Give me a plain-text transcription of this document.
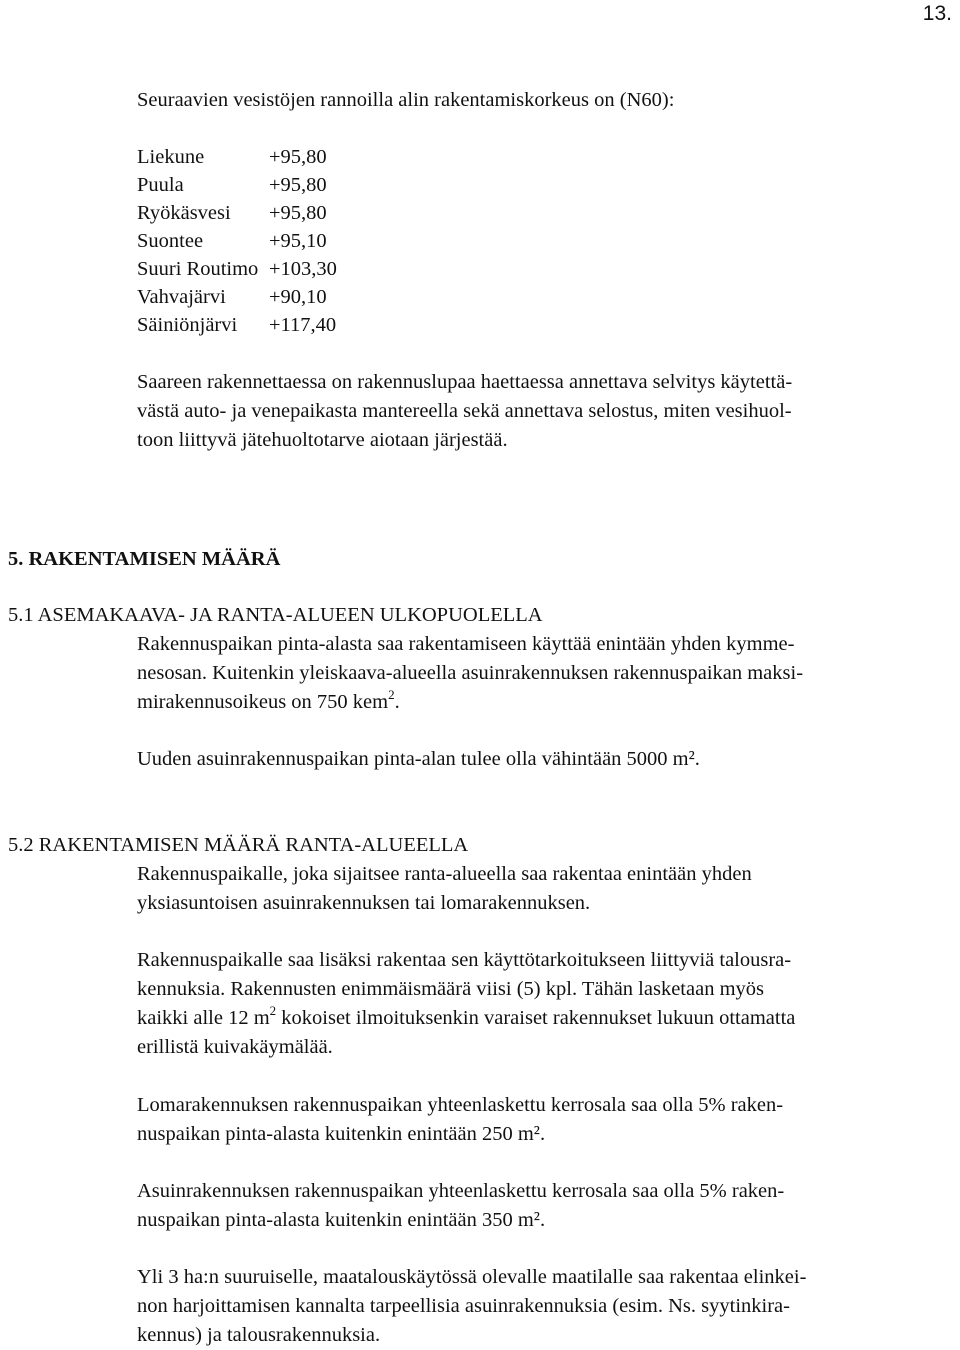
13.
Seuraavien vesistöjen rannoilla alin rakentamiskorkeus on (N60):
Liekune	+95,80
Puula	+95,80
Ryökäsvesi +95,80
Suontee	+95,10
Suuri Routimo +103,30
Vahvajärvi +90,10
Säiniönjärvi +117,40
Saareen rakennettaessa on rakennuslupaa haettaessa annettava selvitys käytettä-
västä auto- ja venepaikasta mantereella sekä annettava selostus, miten vesihuol-
toon liittyvä jätehuoltotarve aiotaan järjestää.
5. RAKENTAMISEN MÄÄRÄ
5.1 ASEMAKAAVA- JA RANTA-ALUEEN ULKOPUOLELLA
Rakennuspaikan pinta-alasta saa rakentamiseen käyttää enintään yhden kymme-
nesosan. Kuitenkin yleiskaava-alueella asuinrakennuksen rakennuspaikan maksi-
mirakennusoikeus on 750 kem$^2$.
Uuden asuinrakennuspaikan pinta-alan tulee olla vähintään 5000 m².
5.2 RAKENTAMISEN MÄÄRÄ RANTA-ALUEELLA
Rakennuspaikalle, joka sijaitsee ranta-alueella saa rakentaa enintään yhden
yksiasuntoisen asuinrakennuksen tai lomarakennuksen.
Rakennuspaikalle saa lisäksi rakentaa sen käyttötarkoitukseen liittyviä talousra-
kennuksia. Rakennusten enimmäismäärä viisi (5) kpl. Tähän lasketaan myös
kaikki alle 12 $m^2$ kokoiset ilmoituksenkin varaiset rakennukset lukuun ottamatta
erillistä kuivakäymälää.
Lomarakennuksen rakennuspaikan yhteenlaskettu kerrosala saa olla 5% raken-
nuspaikan pinta-alasta kuitenkin enintään 250 m².
Asuinrakennuksen rakennuspaikan yhteenlaskettu kerrosala saa olla 5% raken-
nuspaikan pinta-alasta kuitenkin enintään 350 m².
Yli 3 ha:n suuruiselle, maatalouskäytössä olevalle maatilalle saa rakentaa elinkei-
non harjoittamisen kannalta tarpeellisia asuinrakennuksia (esim. Ns. syytinkira-
kennus) ja talousrakennuksia.
